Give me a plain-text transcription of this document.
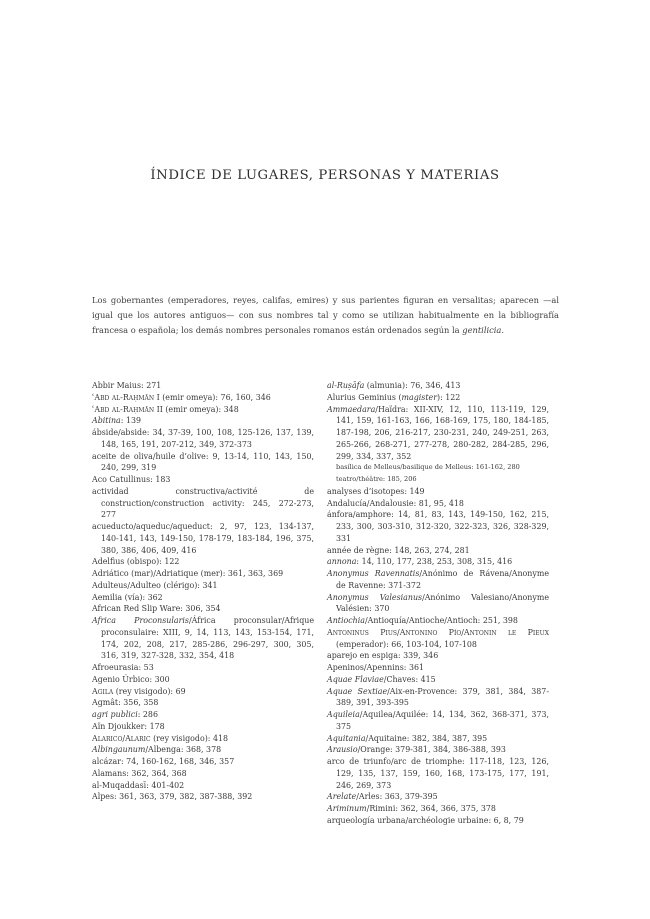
ÍNDICE DE LUGARES, PERSONAS Y MATERIAS
Los gobernantes (emperadores, reyes, califas, emires) y sus parientes figuran en versalitas; aparecen —al igual que los autores antiguos— con sus nombres tal y como se utilizan habitualmente en la bibliografía francesa o española; los demás nombres personales romanos están ordenados según la gentilicia.
Abbir Maius: 271
ʿAbd al-Raḥmān I (emir omeya): 76, 160, 346
ʿAbd al-Raḥmān II (emir omeya): 348
Abitina: 139
ábside/abside: 34, 37-39, 100, 108, 125-126, 137, 139, 148, 165, 191, 207-212, 349, 372-373
aceite de oliva/huile d’olive: 9, 13-14, 110, 143, 150, 240, 299, 319
Aco Catullinus: 183
actividad constructiva/activité de construction/construction activity: 245, 272-273, 277
acueducto/aqueduc/aqueduct: 2, 97, 123, 134-137, 140-141, 143, 149-150, 178-179, 183-184, 196, 375, 380, 386, 406, 409, 416
Adelfius (obispo): 122
Adriático (mar)/Adriatique (mer): 361, 363, 369
Adulteus/Adulteo (clérigo): 341
Aemilia (vía): 362
African Red Slip Ware: 306, 354
Africa Proconsularis/África proconsular/Afrique proconsulaire: XIII, 9, 14, 113, 143, 153-154, 171, 174, 202, 208, 217, 285-286, 296-297, 300, 305, 316, 319, 327-328, 332, 354, 418
Afroeurasia: 53
Agenio Úrbico: 300
Agila (rey visigodo): 69
Agmât: 356, 358
agri publici: 286
Aïn Djoukker: 178
Alarico/Alaric (rey visigodo): 418
Albingaunum/Albenga: 368, 378
alcázar: 74, 160-162, 168, 346, 357
Alamans: 362, 364, 368
al-Muqaddasī: 401-402
Alpes: 361, 363, 379, 382, 387-388, 392
al-Ruṣāfa (almunia): 76, 346, 413
Alurius Geminius (magister): 122
Ammaedara/Haïdra: XII-XIV, 12, 110, 113-119, 129, 141, 159, 161-163, 166, 168-169, 175, 180, 184-185, 187-198, 206, 216-217, 230-231, 240, 249-251, 263, 265-266, 268-271, 277-278, 280-282, 284-285, 296, 299, 334, 337, 352
basílica de Melleus/basilique de Melleus: 161-162, 280
teatro/théâtre: 185, 206
analyses d’isotopes: 149
Andalucía/Andalousie: 81, 95, 418
ánfora/amphore: 14, 81, 83, 143, 149-150, 162, 215, 233, 300, 303-310, 312-320, 322-323, 326, 328-329, 331
année de règne: 148, 263, 274, 281
annona: 14, 110, 177, 238, 253, 308, 315, 416
Anonymus Ravennatis/Anónimo de Rávena/Anonyme de Ravenne: 371-372
Anonymus Valesianus/Anónimo Valesiano/Anonyme Valésien: 370
Antiochia/Antioquía/Antioche/Antioch: 251, 398
Antoninus Pius/Antonino Pío/Antonin le Pieux (emperador): 66, 103-104, 107-108
aparejo en espiga: 339, 346
Apeninos/Apennins: 361
Aquae Flaviae/Chaves: 415
Aquae Sextiae/Aix-en-Provence: 379, 381, 384, 387-389, 391, 393-395
Aquileia/Aquilea/Aquilée: 14, 134, 362, 368-371, 373, 375
Aquitania/Aquitaine: 382, 384, 387, 395
Arausio/Orange: 379-381, 384, 386-388, 393
arco de triunfo/arc de triomphe: 117-118, 123, 126, 129, 135, 137, 159, 160, 168, 173-175, 177, 191, 246, 269, 373
Arelate/Arles: 363, 379-395
Ariminum/Rimini: 362, 364, 366, 375, 378
arqueología urbana/archéologie urbaine: 6, 8, 79
